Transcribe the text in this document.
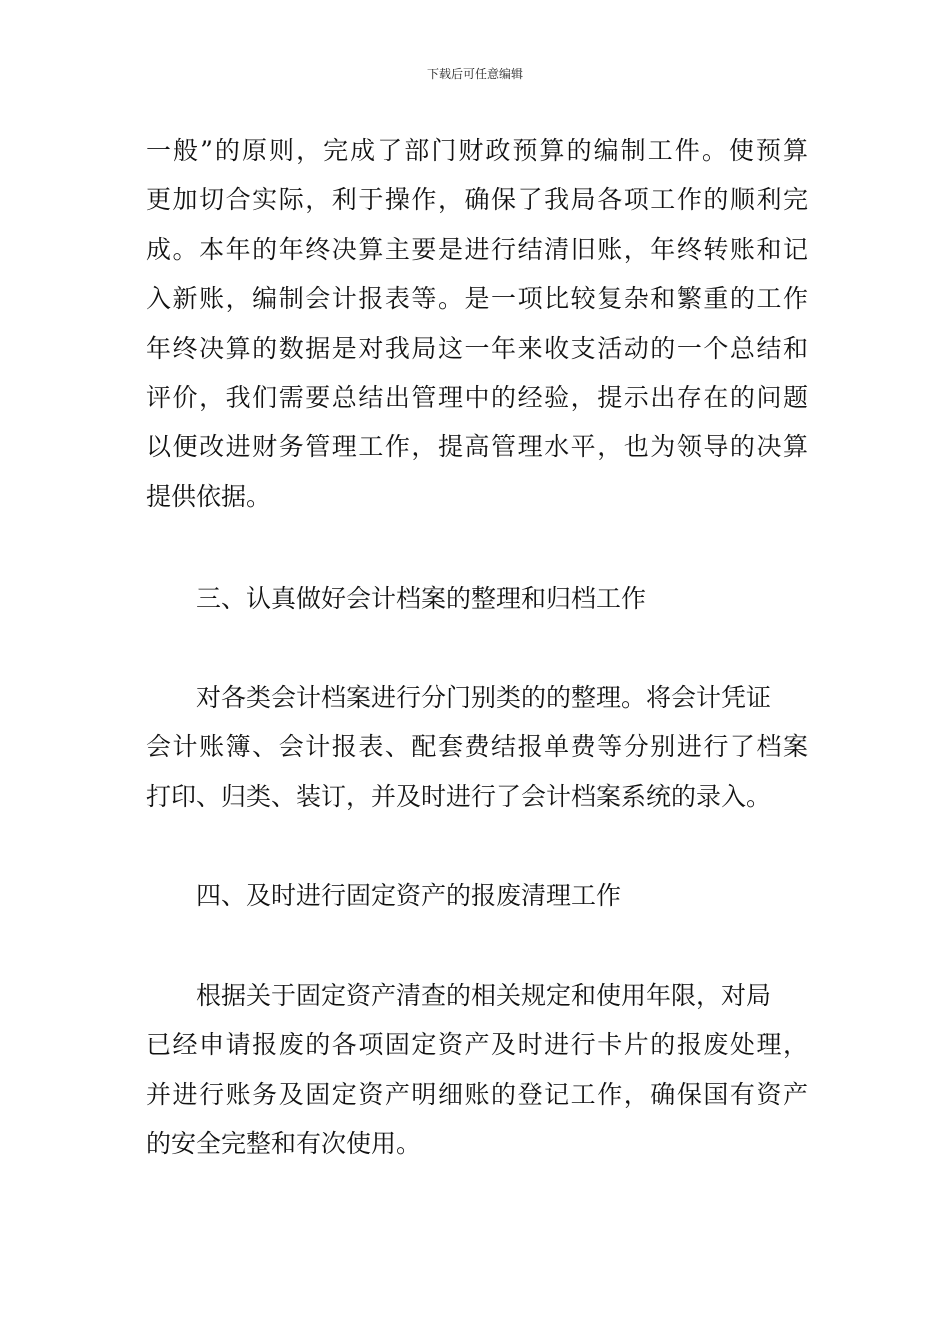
下载后可任意编辑
一般”的原则，完成了部门财政预算的编制工件。使预算
更加切合实际，利于操作，确保了我局各项工作的顺利完
成。本年的年终决算主要是进行结清旧账，年终转账和记
入新账，编制会计报表等。是一项比较复杂和繁重的工作
年终决算的数据是对我局这一年来收支活动的一个总结和
评价，我们需要总结出管理中的经验，提示出存在的问题
以便改进财务管理工作，提高管理水平，也为领导的决算
提供依据。
三、认真做好会计档案的整理和归档工作
对各类会计档案进行分门别类的的整理。将会计凭证
会计账簿、会计报表、配套费结报单费等分别进行了档案
打印、归类、装订，并及时进行了会计档案系统的录入。
四、及时进行固定资产的报废清理工作
根据关于固定资产清查的相关规定和使用年限，对局
已经申请报废的各项固定资产及时进行卡片的报废处理，
并进行账务及固定资产明细账的登记工作，确保国有资产
的安全完整和有次使用。
